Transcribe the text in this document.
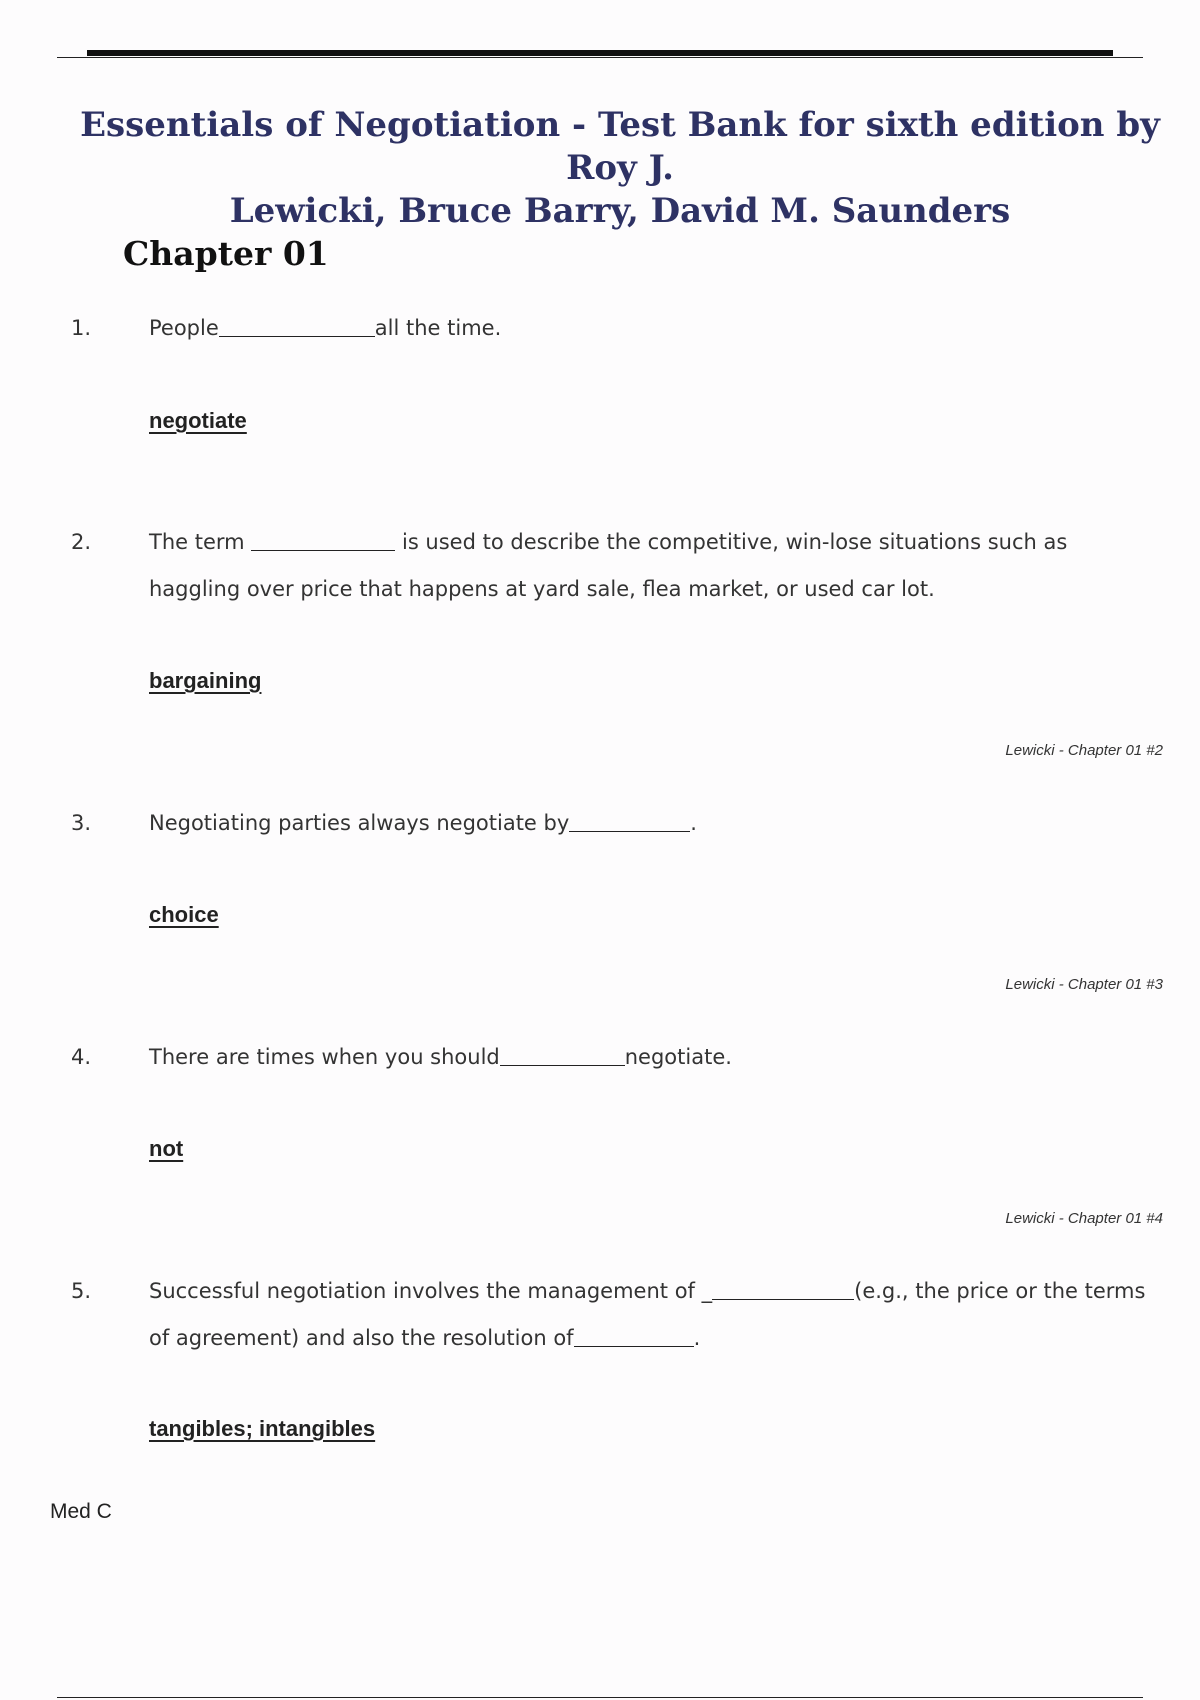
Essentials of Negotiation - Test Bank for sixth edition by Roy J.
Lewicki, Bruce Barry, David M. Saunders
Chapter 01
1.	People	all the time.
negotiate
2.	The term	is used to describe the competitive, win-lose situations such as
haggling over price that happens at yard sale, flea market, or used car lot.
bargaining
Lewicki - Chapter 01 #2
3.	Negotiating parties always negotiate by	.
choice
Lewicki - Chapter 01 #3
4.	There are times when you should	negotiate.
not
Lewicki - Chapter 01 #4
5.	Successful negotiation involves the management of _	(e.g., the price or the terms
of agreement) and also the resolution of	.
tangibles; intangibles
Med C
